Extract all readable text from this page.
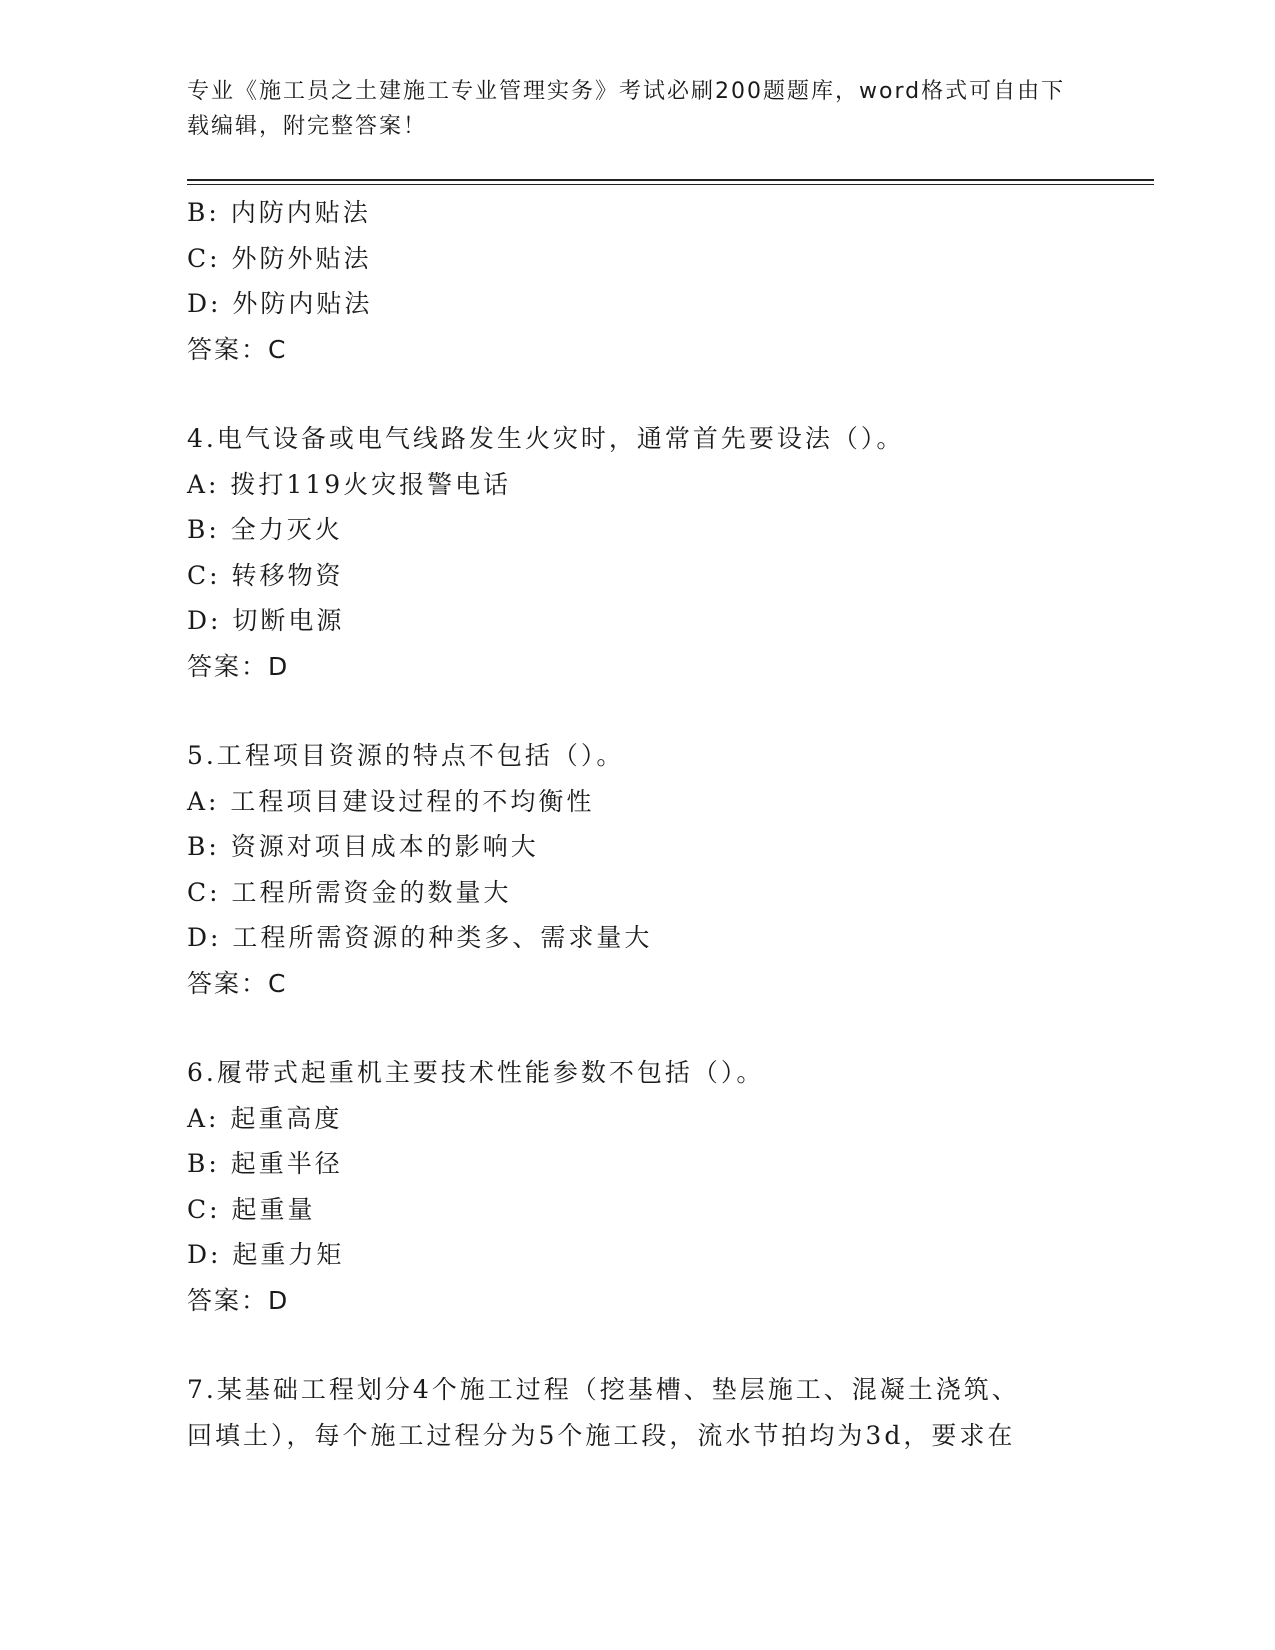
专业《施工员之土建施工专业管理实务》考试必刷200题题库，word格式可自由下载编辑，附完整答案！
B: 内防内贴法
C: 外防外贴法
D: 外防内贴法
答案：C
4.电气设备或电气线路发生火灾时，通常首先要设法（）。
A: 拨打119火灾报警电话
B: 全力灭火
C: 转移物资
D: 切断电源
答案：D
5.工程项目资源的特点不包括（）。
A: 工程项目建设过程的不均衡性
B: 资源对项目成本的影响大
C: 工程所需资金的数量大
D: 工程所需资源的种类多、需求量大
答案：C
6.履带式起重机主要技术性能参数不包括（）。
A: 起重高度
B: 起重半径
C: 起重量
D: 起重力矩
答案：D
7.某基础工程划分4个施工过程（挖基槽、垫层施工、混凝土浇筑、
回填土），每个施工过程分为5个施工段，流水节拍均为3d，要求在
